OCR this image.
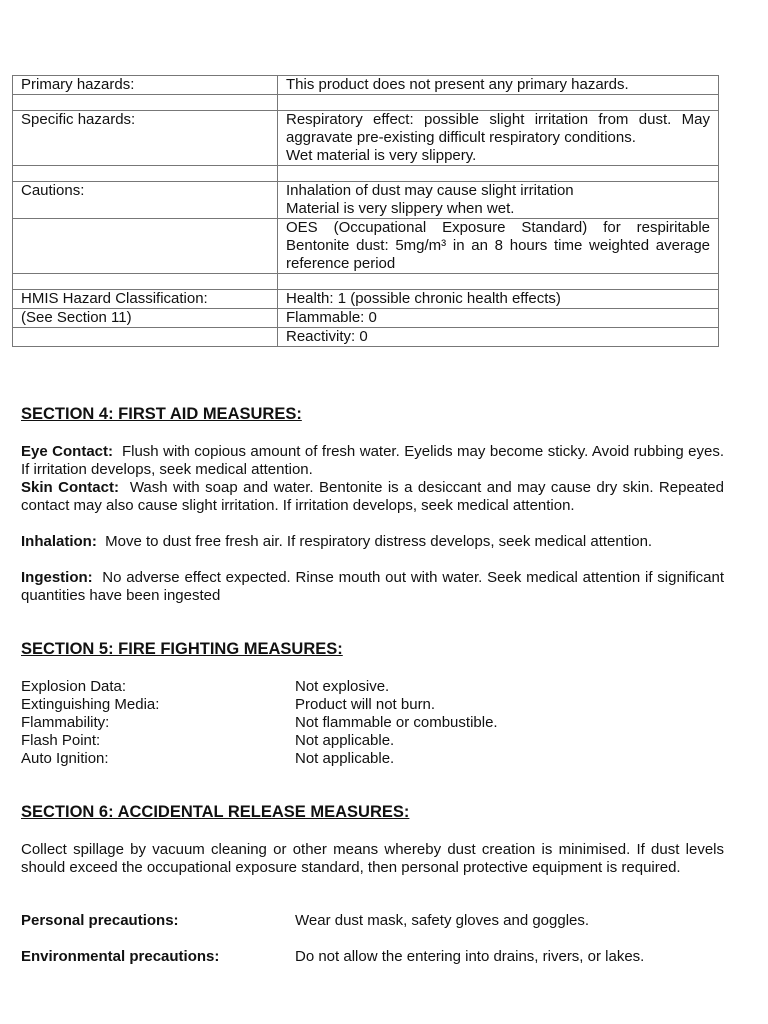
Primary hazards:	This product does not present any primary hazards.

Specific hazards:	Respiratory effect: possible slight irritation from dust. May aggravate pre-existing difficult respiratory conditions.
Wet material is very slippery.

Cautions:	Inhalation of dust may cause slight irritation
Material is very slippery when wet.

	OES (Occupational Exposure Standard) for respiritable Bentonite dust: 5mg/m³ in an 8 hours time weighted average reference period

HMIS Hazard Classification:	Health: 1 (possible chronic health effects)
(See Section 11)	Flammable: 0
	Reactivity: 0
SECTION 4: FIRST AID MEASURES:
Eye Contact: Flush with copious amount of fresh water. Eyelids may become sticky. Avoid rubbing eyes. If irritation develops, seek medical attention.
Skin Contact: Wash with soap and water. Bentonite is a desiccant and may cause dry skin. Repeated contact may also cause slight irritation. If irritation develops, seek medical attention.
Inhalation: Move to dust free fresh air. If respiratory distress develops, seek medical attention.
Ingestion: No adverse effect expected. Rinse mouth out with water. Seek medical attention if significant quantities have been ingested
SECTION 5: FIRE FIGHTING MEASURES:
Explosion Data:	Not explosive.
Extinguishing Media:	Product will not burn.
Flammability:	Not flammable or combustible.
Flash Point:	Not applicable.
Auto Ignition:	Not applicable.
SECTION 6: ACCIDENTAL RELEASE MEASURES:
Collect spillage by vacuum cleaning or other means whereby dust creation is minimised. If dust levels should exceed the occupational exposure standard, then personal protective equipment is required.
Personal precautions:	Wear dust mask, safety gloves and goggles.
Environmental precautions:	Do not allow the entering into drains, rivers, or lakes.
